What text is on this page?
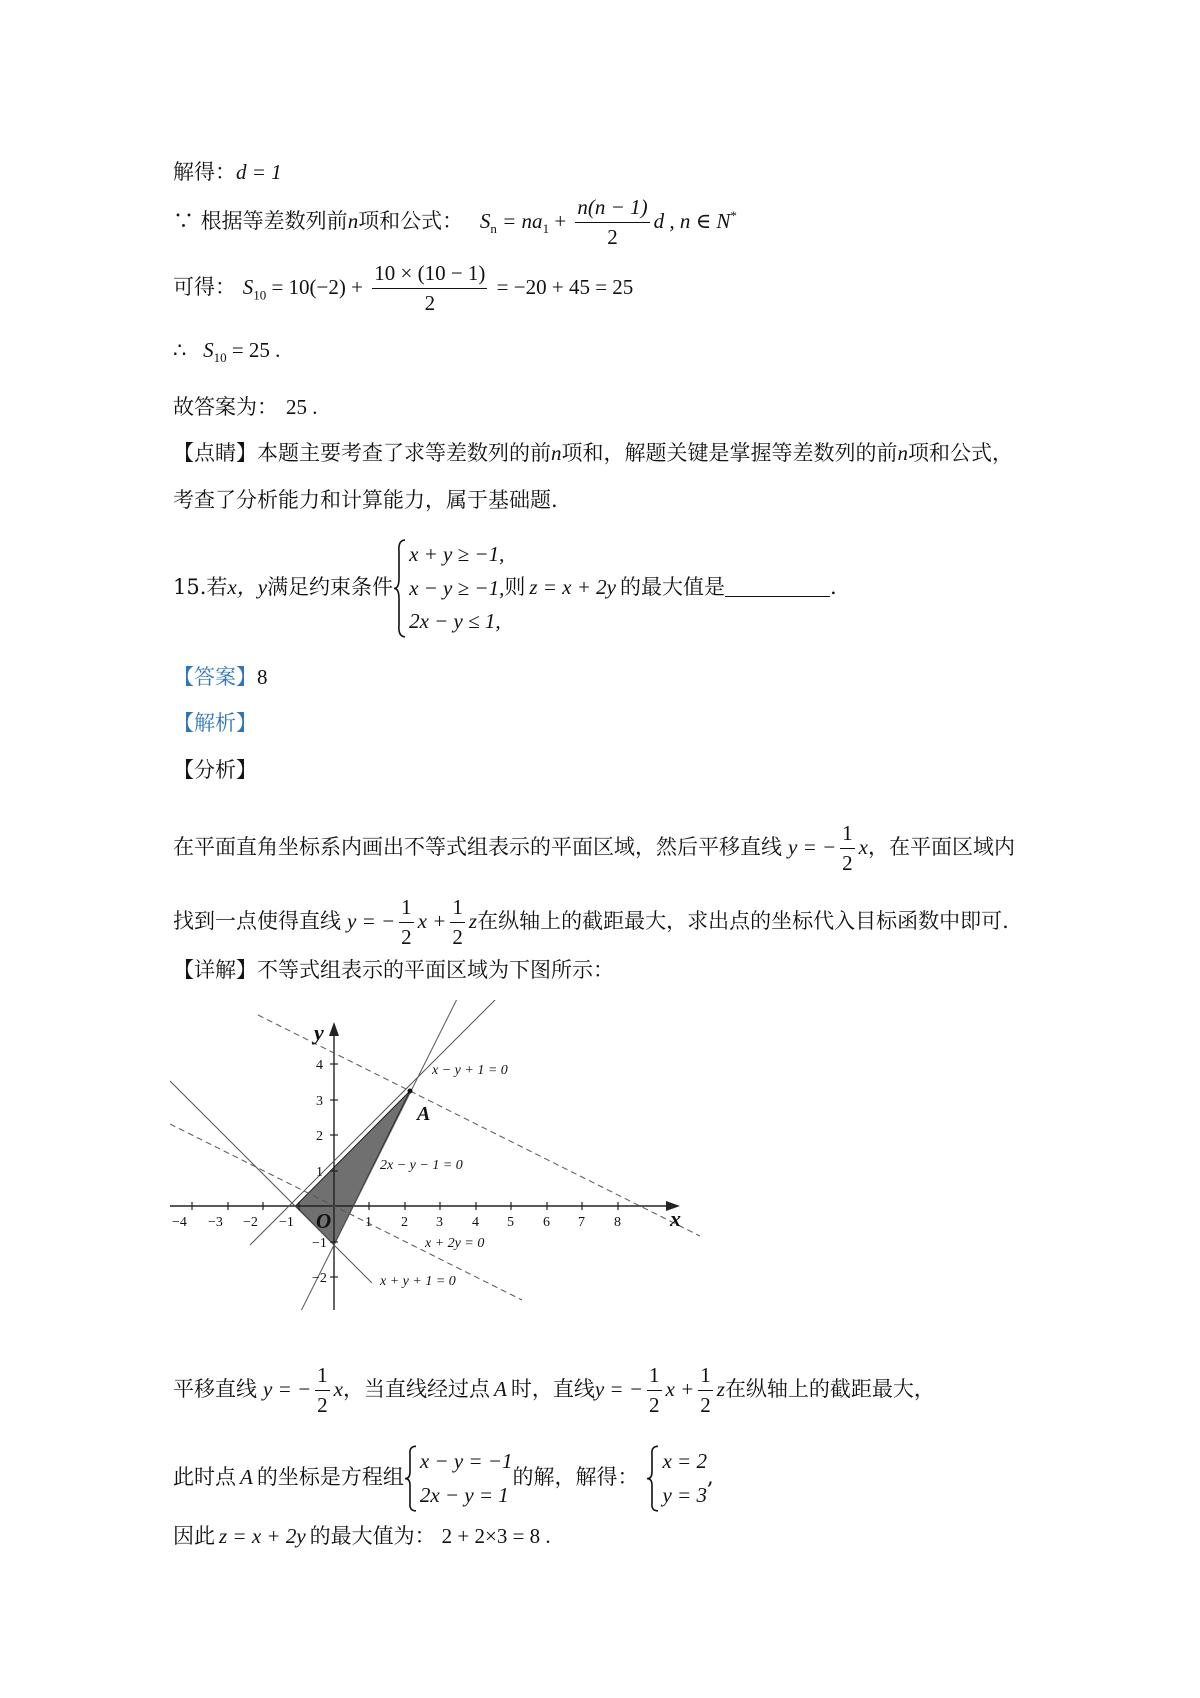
解得：d = 1
∵ 根据等差数列前n项和公式： $S_n = na_1 + \frac{n(n - 1)}{2}$ d , n ∈ N*
可得： $S_{10} = 10(-2) + \frac{10 \times (10 - 1)}{2} = -20 + 45 = 25$
∴ $S_{10} = 25$ .
故答案为： 25 .
【点睛】本题主要考查了求等差数列的前n项和，解题关键是掌握等差数列的前n项和公式，
考查了分析能力和计算能力，属于基础题.
15.若x，y满足约束条件
x + y ≥ −1,
x − y ≥ −1,
2x − y ≤ 1,
则 z = x + 2y 的最大值是	.
【答案】8
【解析】
【分析】
在平面直角坐标系内画出不等式组表示的平面区域，然后平移直线 y = − $\frac{1}{2}$ x，在平面区域内
找到一点使得直线 y = − $\frac{1}{2}$ $x + \frac{1}{2}$ z在纵轴上的截距最大，求出点的坐标代入目标函数中即可.
【详解】不等式组表示的平面区域为下图所示：
−4 −3 −2 −1	1 2 3 4 5 6 7 8
4
3
2
1
−1
−2
y
x
O
A
x − y + 1 = 0
2x − y − 1 = 0
x + 2y = 0
x + y + 1 = 0
平移直线 y = − $\frac{1}{2}$ x，当直线经过点 A 时，直线y = − $\frac{1}{2}$ $x + \frac{1}{2}$ z在纵轴上的截距最大，
此时点 A 的坐标是方程组
x − y = −1
2x − y = 1
的解，解得：
x = 2
y = 3
,
因此 z = x + 2y 的最大值为： 2 + 2×3 = 8 .
